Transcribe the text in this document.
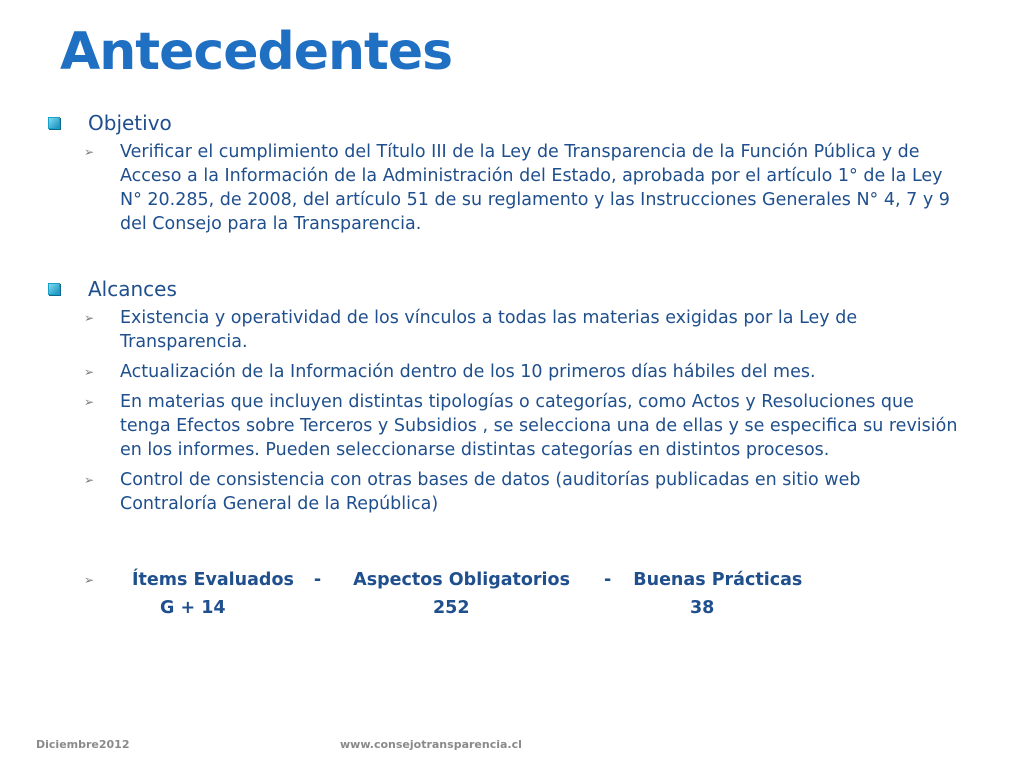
Antecedentes
Objetivo
➢	Verificar el cumplimiento del Título III de la Ley de Transparencia de la Función Pública y de Acceso a la Información de la Administración del Estado, aprobada por el artículo 1° de la Ley N° 20.285, de 2008, del artículo 51 de su reglamento y las Instrucciones Generales N° 4, 7 y 9 del Consejo para la Transparencia.
Alcances
➢	Existencia y operatividad de los vínculos a todas las materias exigidas por la Ley de Transparencia.
➢	Actualización de la Información dentro de los 10 primeros días hábiles del mes.
➢	En materias que incluyen distintas tipologías o categorías, como Actos y Resoluciones que tenga Efectos sobre Terceros y Subsidios , se selecciona una de ellas y se especifica su revisión en los informes. Pueden seleccionarse distintas categorías en distintos procesos.
➢	Control de consistencia con otras bases de datos (auditorías publicadas en sitio web Contraloría General de la República)
➢	Ítems Evaluados - Aspectos Obligatorios - Buenas Prácticas
G + 14	252	38
Diciembre2012	www.consejotransparencia.cl
